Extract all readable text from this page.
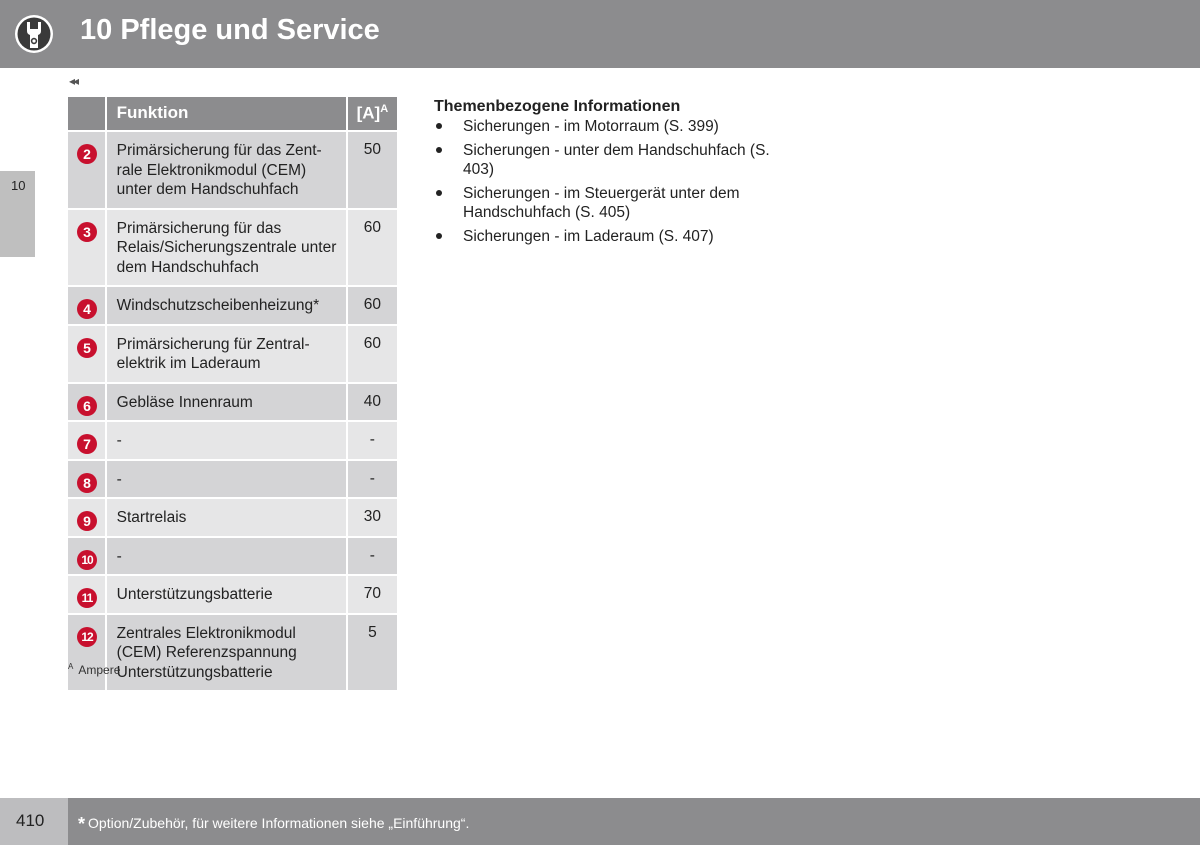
10 Pflege und Service
◂◂
10
	Funktion	$[A]^A$

2	Primärsicherung für das Zent-rale Elektronikmodul (CEM) unter dem Handschuhfach	50

3	Primärsicherung für das Relais/Sicherungszentrale unter dem Handschuhfach	60

4	Windschutzscheibenheizung*	60

5	Primärsicherung für Zentral-elektrik im Laderaum	60

6	Gebläse Innenraum	40

7	-	-

8	-	-

9	Startrelais	30

10	-	-

11	Unterstützungsbatterie	70

12	Zentrales Elektronikmodul (CEM) Referenzspannung Unterstützungsbatterie	5
$^A$ Ampere
Themenbezogene Informationen
Sicherungen - im Motorraum (S. 399)
Sicherungen - unter dem Handschuhfach (S. 403)
Sicherungen - im Steuergerät unter dem Handschuhfach (S. 405)
Sicherungen - im Laderaum (S. 407)
410 * Option/Zubehör, für weitere Informationen siehe „Einführung“.
